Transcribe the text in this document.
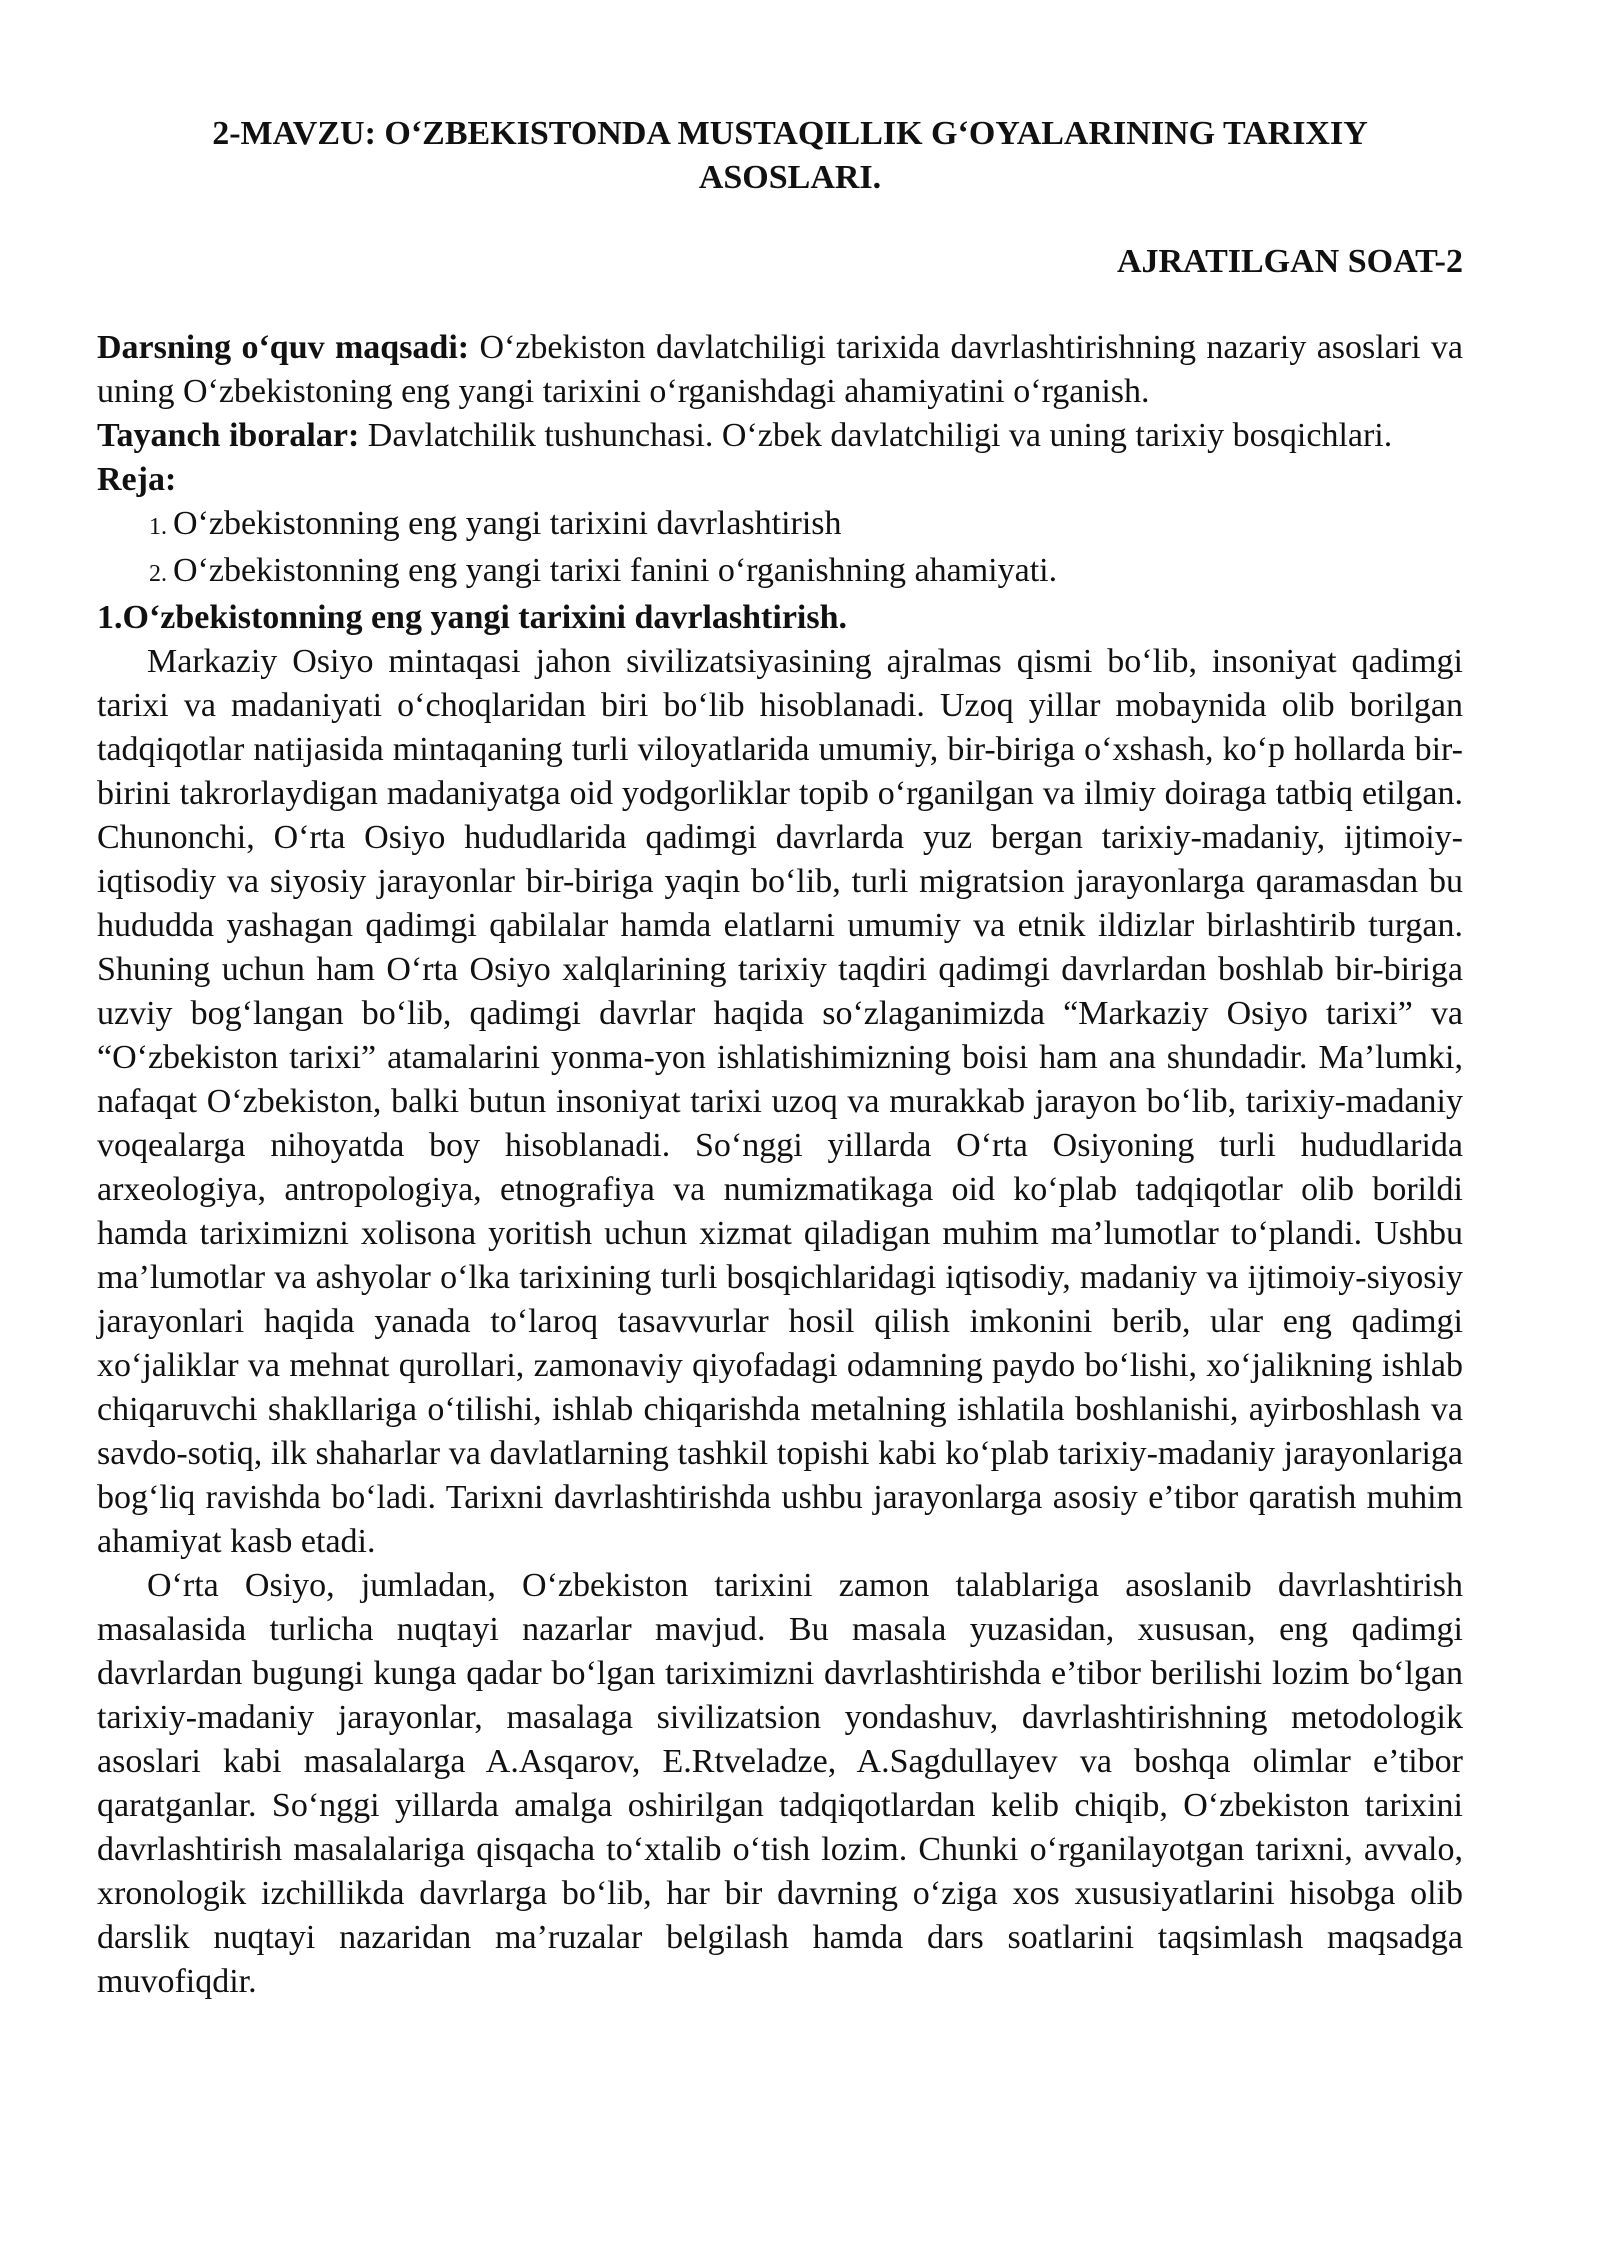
2-MAVZU: O‘ZBEKISTONDA MUSTAQILLIK G‘OYALARINING TARIXIY
ASOSLARI.

AJRATILGAN SOAT-2

Darsning o‘quv maqsadi: O‘zbekiston davlatchiligi tarixida davrlashtirishning nazariy asoslari va uning O‘zbekistoning eng yangi tarixini o‘rganishdagi ahamiyatini o‘rganish.

Tayanch iboralar: Davlatchilik tushunchasi. O‘zbek davlatchiligi va uning tarixiy bosqichlari.

Reja:

1. O‘zbekistonning eng yangi tarixini davrlashtirish
2. O‘zbekistonning eng yangi tarixi fanini o‘rganishning ahamiyati.

1.O‘zbekistonning eng yangi tarixini davrlashtirish.

Markaziy Osiyo mintaqasi jahon sivilizatsiyasining ajralmas qismi bo‘lib, insoniyat qadimgi tarixi va madaniyati o‘choqlaridan biri bo‘lib hisoblanadi. Uzoq yillar mobaynida olib borilgan tadqiqotlar natijasida mintaqaning turli viloyatlarida umumiy, bir-biriga o‘xshash, ko‘p hollarda bir-birini takrorlaydigan madaniyatga oid yodgorliklar topib o‘rganilgan va ilmiy doiraga tatbiq etilgan. Chunonchi, O‘rta Osiyo hududlarida qadimgi davrlarda yuz bergan tarixiy-madaniy, ijtimoiy-iqtisodiy va siyosiy jarayonlar bir-biriga yaqin bo‘lib, turli migratsion jarayonlarga qaramasdan bu hududda yashagan qadimgi qabilalar hamda elatlarni umumiy va etnik ildizlar birlashtirib turgan. Shuning uchun ham O‘rta Osiyo xalqlarining tarixiy taqdiri qadimgi davrlardan boshlab bir-biriga uzviy bog‘langan bo‘lib, qadimgi davrlar haqida so‘zlaganimizda “Markaziy Osiyo tarixi” va “O‘zbekiston tarixi” atamalarini yonma-yon ishlatishimizning boisi ham ana shundadir. Ma’lumki, nafaqat O‘zbekiston, balki butun insoniyat tarixi uzoq va murakkab jarayon bo‘lib, tarixiy-madaniy voqealarga nihoyatda boy hisoblanadi. So‘nggi yillarda O‘rta Osiyoning turli hududlarida arxeologiya, antropologiya, etnografiya va numizmatikaga oid ko‘plab tadqiqotlar olib borildi hamda tariximizni xolisona yoritish uchun xizmat qiladigan muhim ma’lumotlar to‘plandi. Ushbu ma’lumotlar va ashyolar o‘lka tarixining turli bosqichlaridagi iqtisodiy, madaniy va ijtimoiy-siyosiy jarayonlari haqida yanada to‘laroq tasavvurlar hosil qilish imkonini berib, ular eng qadimgi xo‘jaliklar va mehnat qurollari, zamonaviy qiyofadagi odamning paydo bo‘lishi, xo‘jalikning ishlab chiqaruvchi shakllariga o‘tilishi, ishlab chiqarishda metalning ishlatila boshlanishi, ayirboshlash va savdo-sotiq, ilk shaharlar va davlatlarning tashkil topishi kabi ko‘plab tarixiy-madaniy jarayonlariga bog‘liq ravishda bo‘ladi. Tarixni davrlashtirishda ushbu jarayonlarga asosiy e’tibor qaratish muhim ahamiyat kasb etadi.

O‘rta Osiyo, jumladan, O‘zbekiston tarixini zamon talablariga asoslanib davrlashtirish masalasida turlicha nuqtayi nazarlar mavjud. Bu masala yuzasidan, xususan, eng qadimgi davrlardan bugungi kunga qadar bo‘lgan tariximizni davrlashtirishda e’tibor berilishi lozim bo‘lgan tarixiy-madaniy jarayonlar, masalaga sivilizatsion yondashuv, davrlashtirishning metodologik asoslari kabi masalalarga A.Asqarov, E.Rtveladze, A.Sagdullayev va boshqa olimlar e’tibor qaratganlar. So‘nggi yillarda amalga oshirilgan tadqiqotlardan kelib chiqib, O‘zbekiston tarixini davrlashtirish masalalariga qisqacha to‘xtalib o‘tish lozim. Chunki o‘rganilayotgan tarixni, avvalo, xronologik izchillikda davrlarga bo‘lib, har bir davrning o‘ziga xos xususiyatlarini hisobga olib darslik nuqtayi nazaridan ma’ruzalar belgilash hamda dars soatlarini taqsimlash maqsadga muvofiqdir.
